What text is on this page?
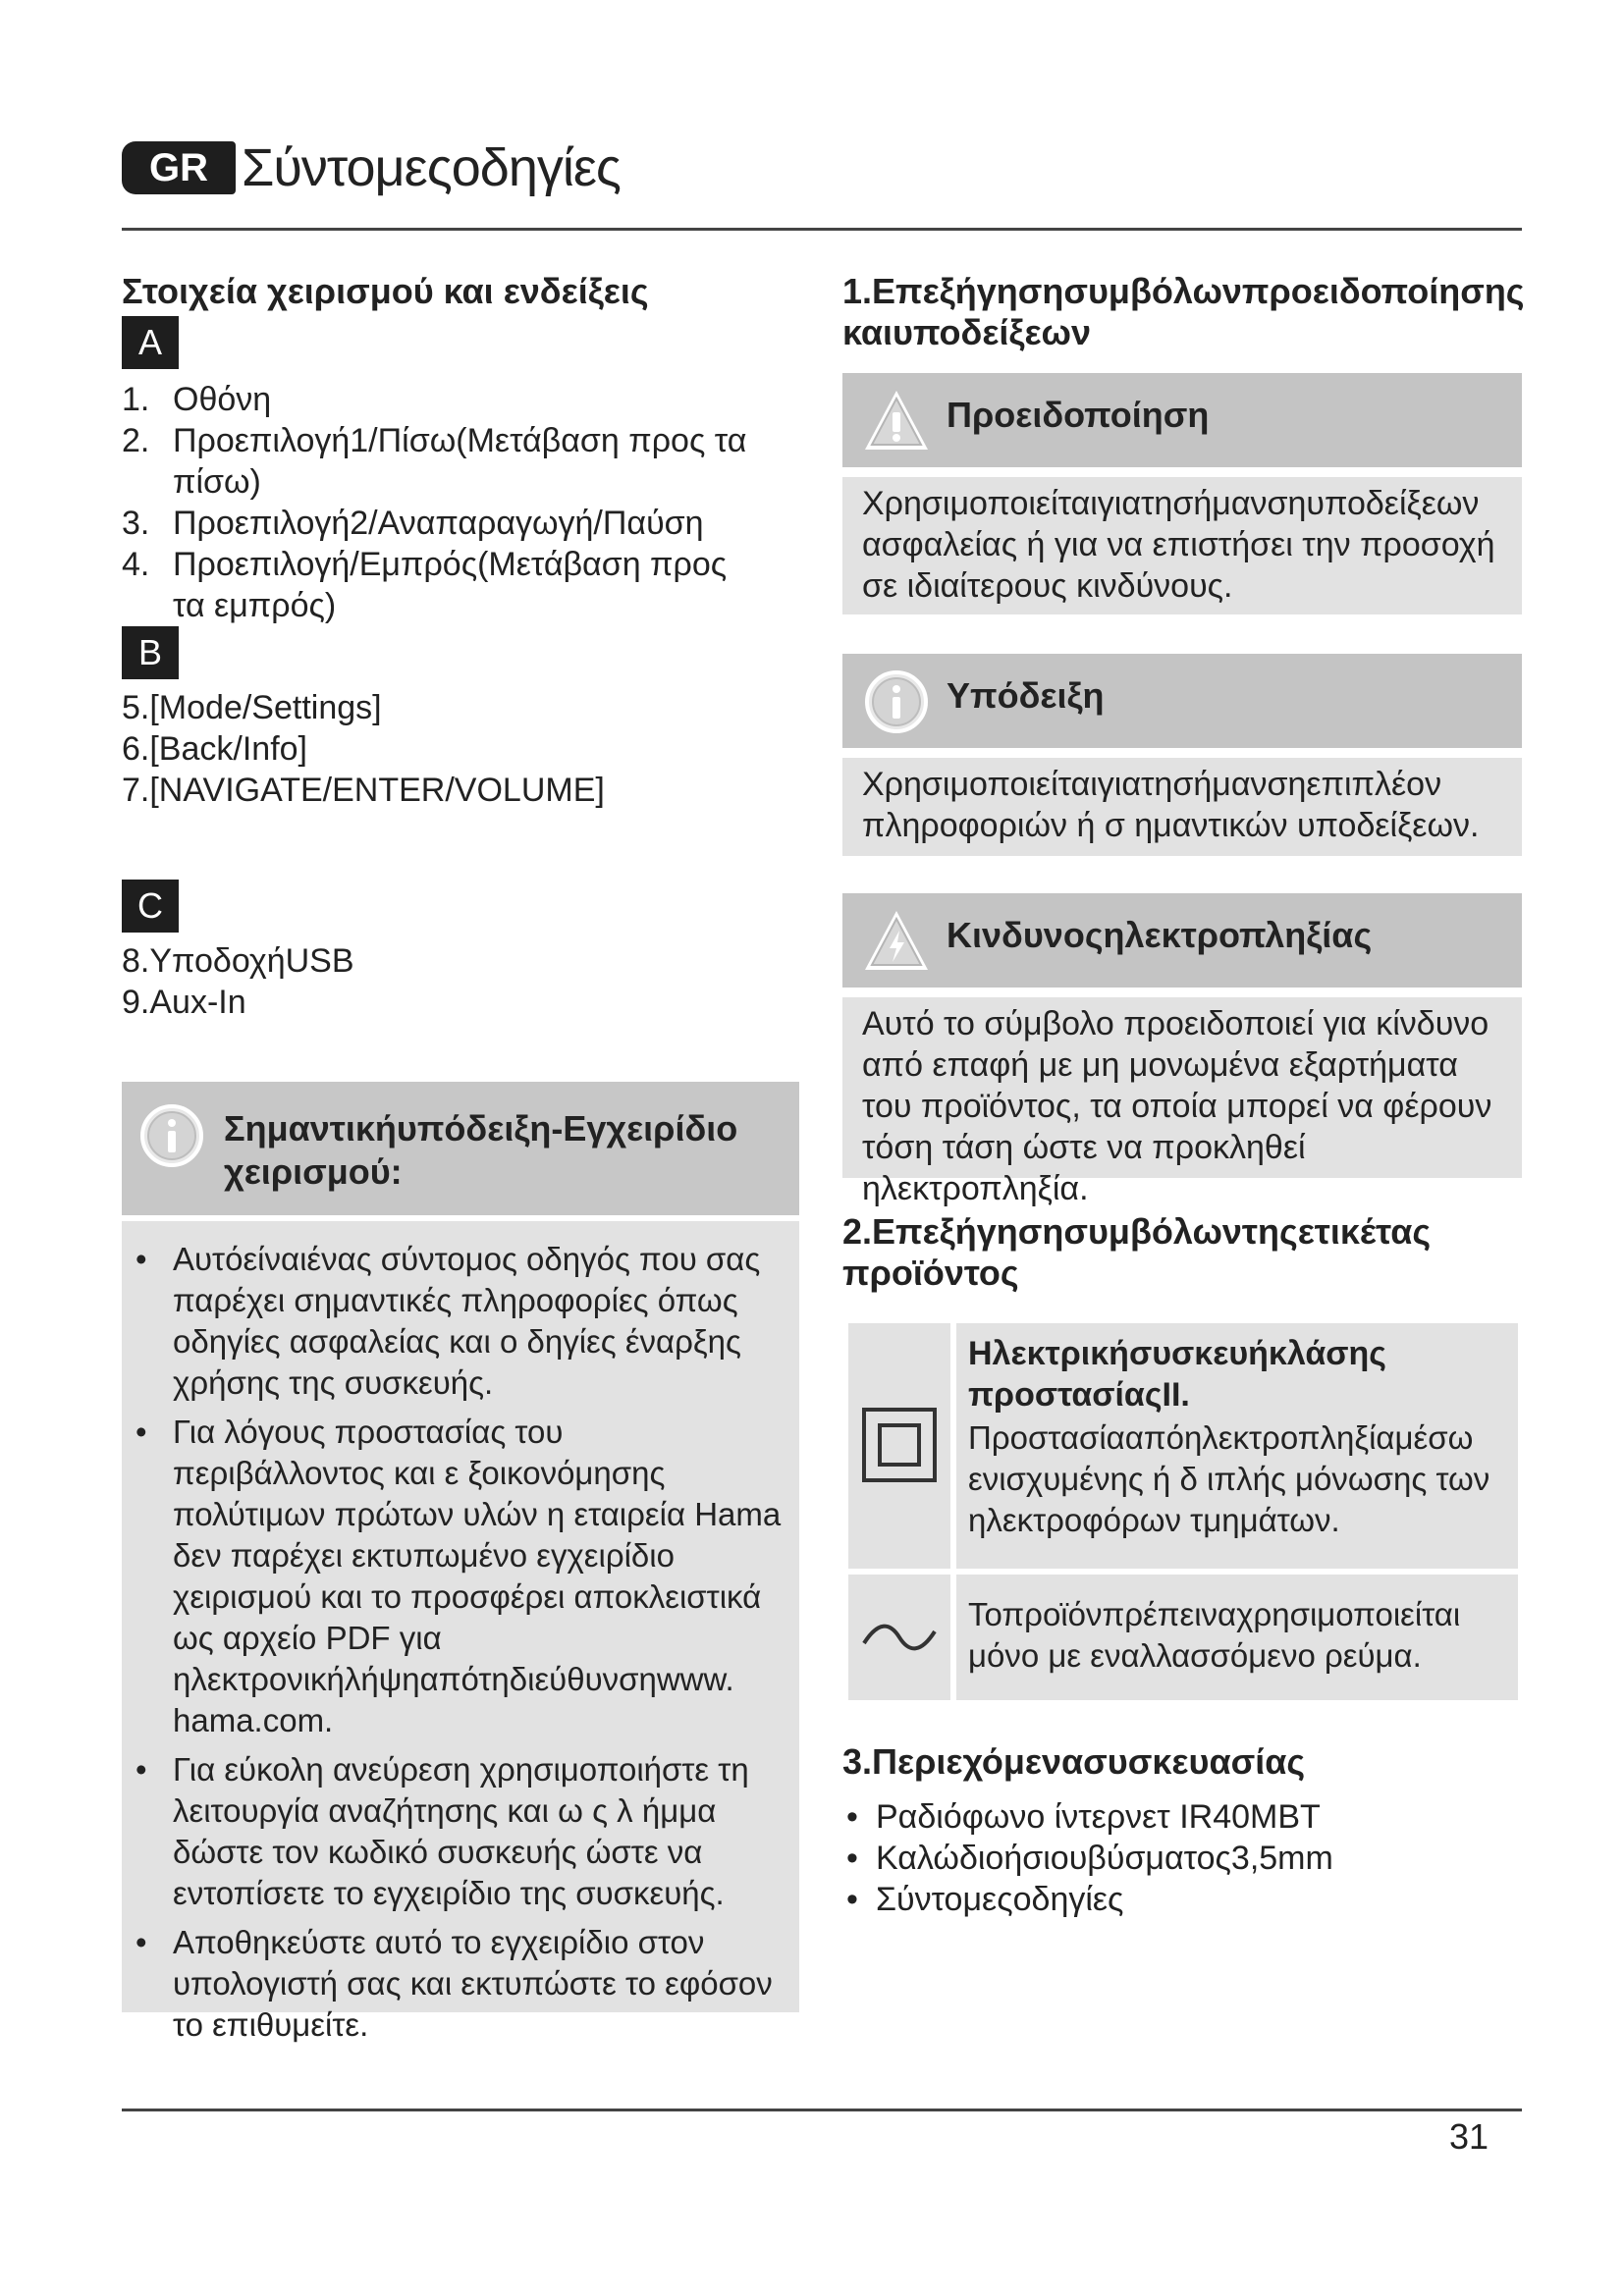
GR Σύντομεςοδηγίες
Στοιχεία χειρισμού και ενδείξεις
A
1. Οθόνη
2. Προεπιλογή1/Πίσω(Μετάβαση προς τα πίσω)
3. Προεπιλογή2/Αναπαραγωγή/Παύση
4. Προεπιλογή/Εμπρός(Μετάβαση προς τα εμπρός)
B
5. [Mode/Settings]
6. [Back/Info]
7. [NAVIGATE/ENTER/VOLUME]
C
8. ΥποδοχήUSB
9. Aux-In
Σημαντικήυπόδειξη-Εγχειρίδιο χειρισμού:
• Αυτόείναιένας σύντομος οδηγός που σας παρέχει σημαντικές πληροφορίες όπως οδηγίες ασφαλείας και ο δηγίες έναρξης χρήσης της συσκευής.
• Για λόγους προστασίας του περιβάλλοντος και ε ξοικονόμησης πολύτιμων πρώτων υλών η εταιρεία Hama δεν παρέχει εκτυπωμένο εγχειρίδιο χειρισμού και το προσφέρει αποκλειστικά ως αρχείο PDF για ηλεκτρονικήλήψηαπότηδιεύθυνσηwww. hama.com.
• Για εύκολη ανεύρεση χρησιμοποιήστε τη λειτουργία αναζήτησης και ω ς λ ήμμα δώστε τον κωδικό συσκευής ώστε να εντοπίσετε το εγχειρίδιο της συσκευής.
• Αποθηκεύστε αυτό το εγχειρίδιο στον υπολογιστή σας και εκτυπώστε το εφόσον το επιθυμείτε.
1.Επεξήγησησυμβόλωνπροειδοποίησης καιυποδείξεων
Προειδοποίηση
Χρησιμοποιείταιγιατησήμανσηυποδείξεων ασφαλείας ή για να επιστήσει την προσοχή σε ιδιαίτερους κινδύνους.
Υπόδειξη
Χρησιμοποιείταιγιατησήμανσηεπιπλέον πληροφοριών ή σ ημαντικών υποδείξεων.
Κινδυνοςηλεκτροπληξίας
Αυτό το σύμβολο προειδοποιεί για κίνδυνο από επαφή με μη μονωμένα εξαρτήματα του προϊόντος, τα οποία μπορεί να φέρουν τόση τάση ώστε να προκληθεί ηλεκτροπληξία.
2.Επεξήγησησυμβόλωντηςετικέτας προϊόντος
Ηλεκτρικήσυσκευήκλάσης προστασίαςII.
Προστασίααπόηλεκτροπληξίαμέσω ενισχυμένης ή δ ιπλής μόνωσης των ηλεκτροφόρων τμημάτων.
Τοπροϊόνπρέπειναχρησιμοποιείται μόνο με εναλλασσόμενο ρεύμα.
3.Περιεχόμενασυσκευασίας
• Ραδιόφωνο ίντερνετ IR40MBT
• Καλώδιοήσιουβύσματος3,5mm
• Σύντομεςοδηγίες
31
